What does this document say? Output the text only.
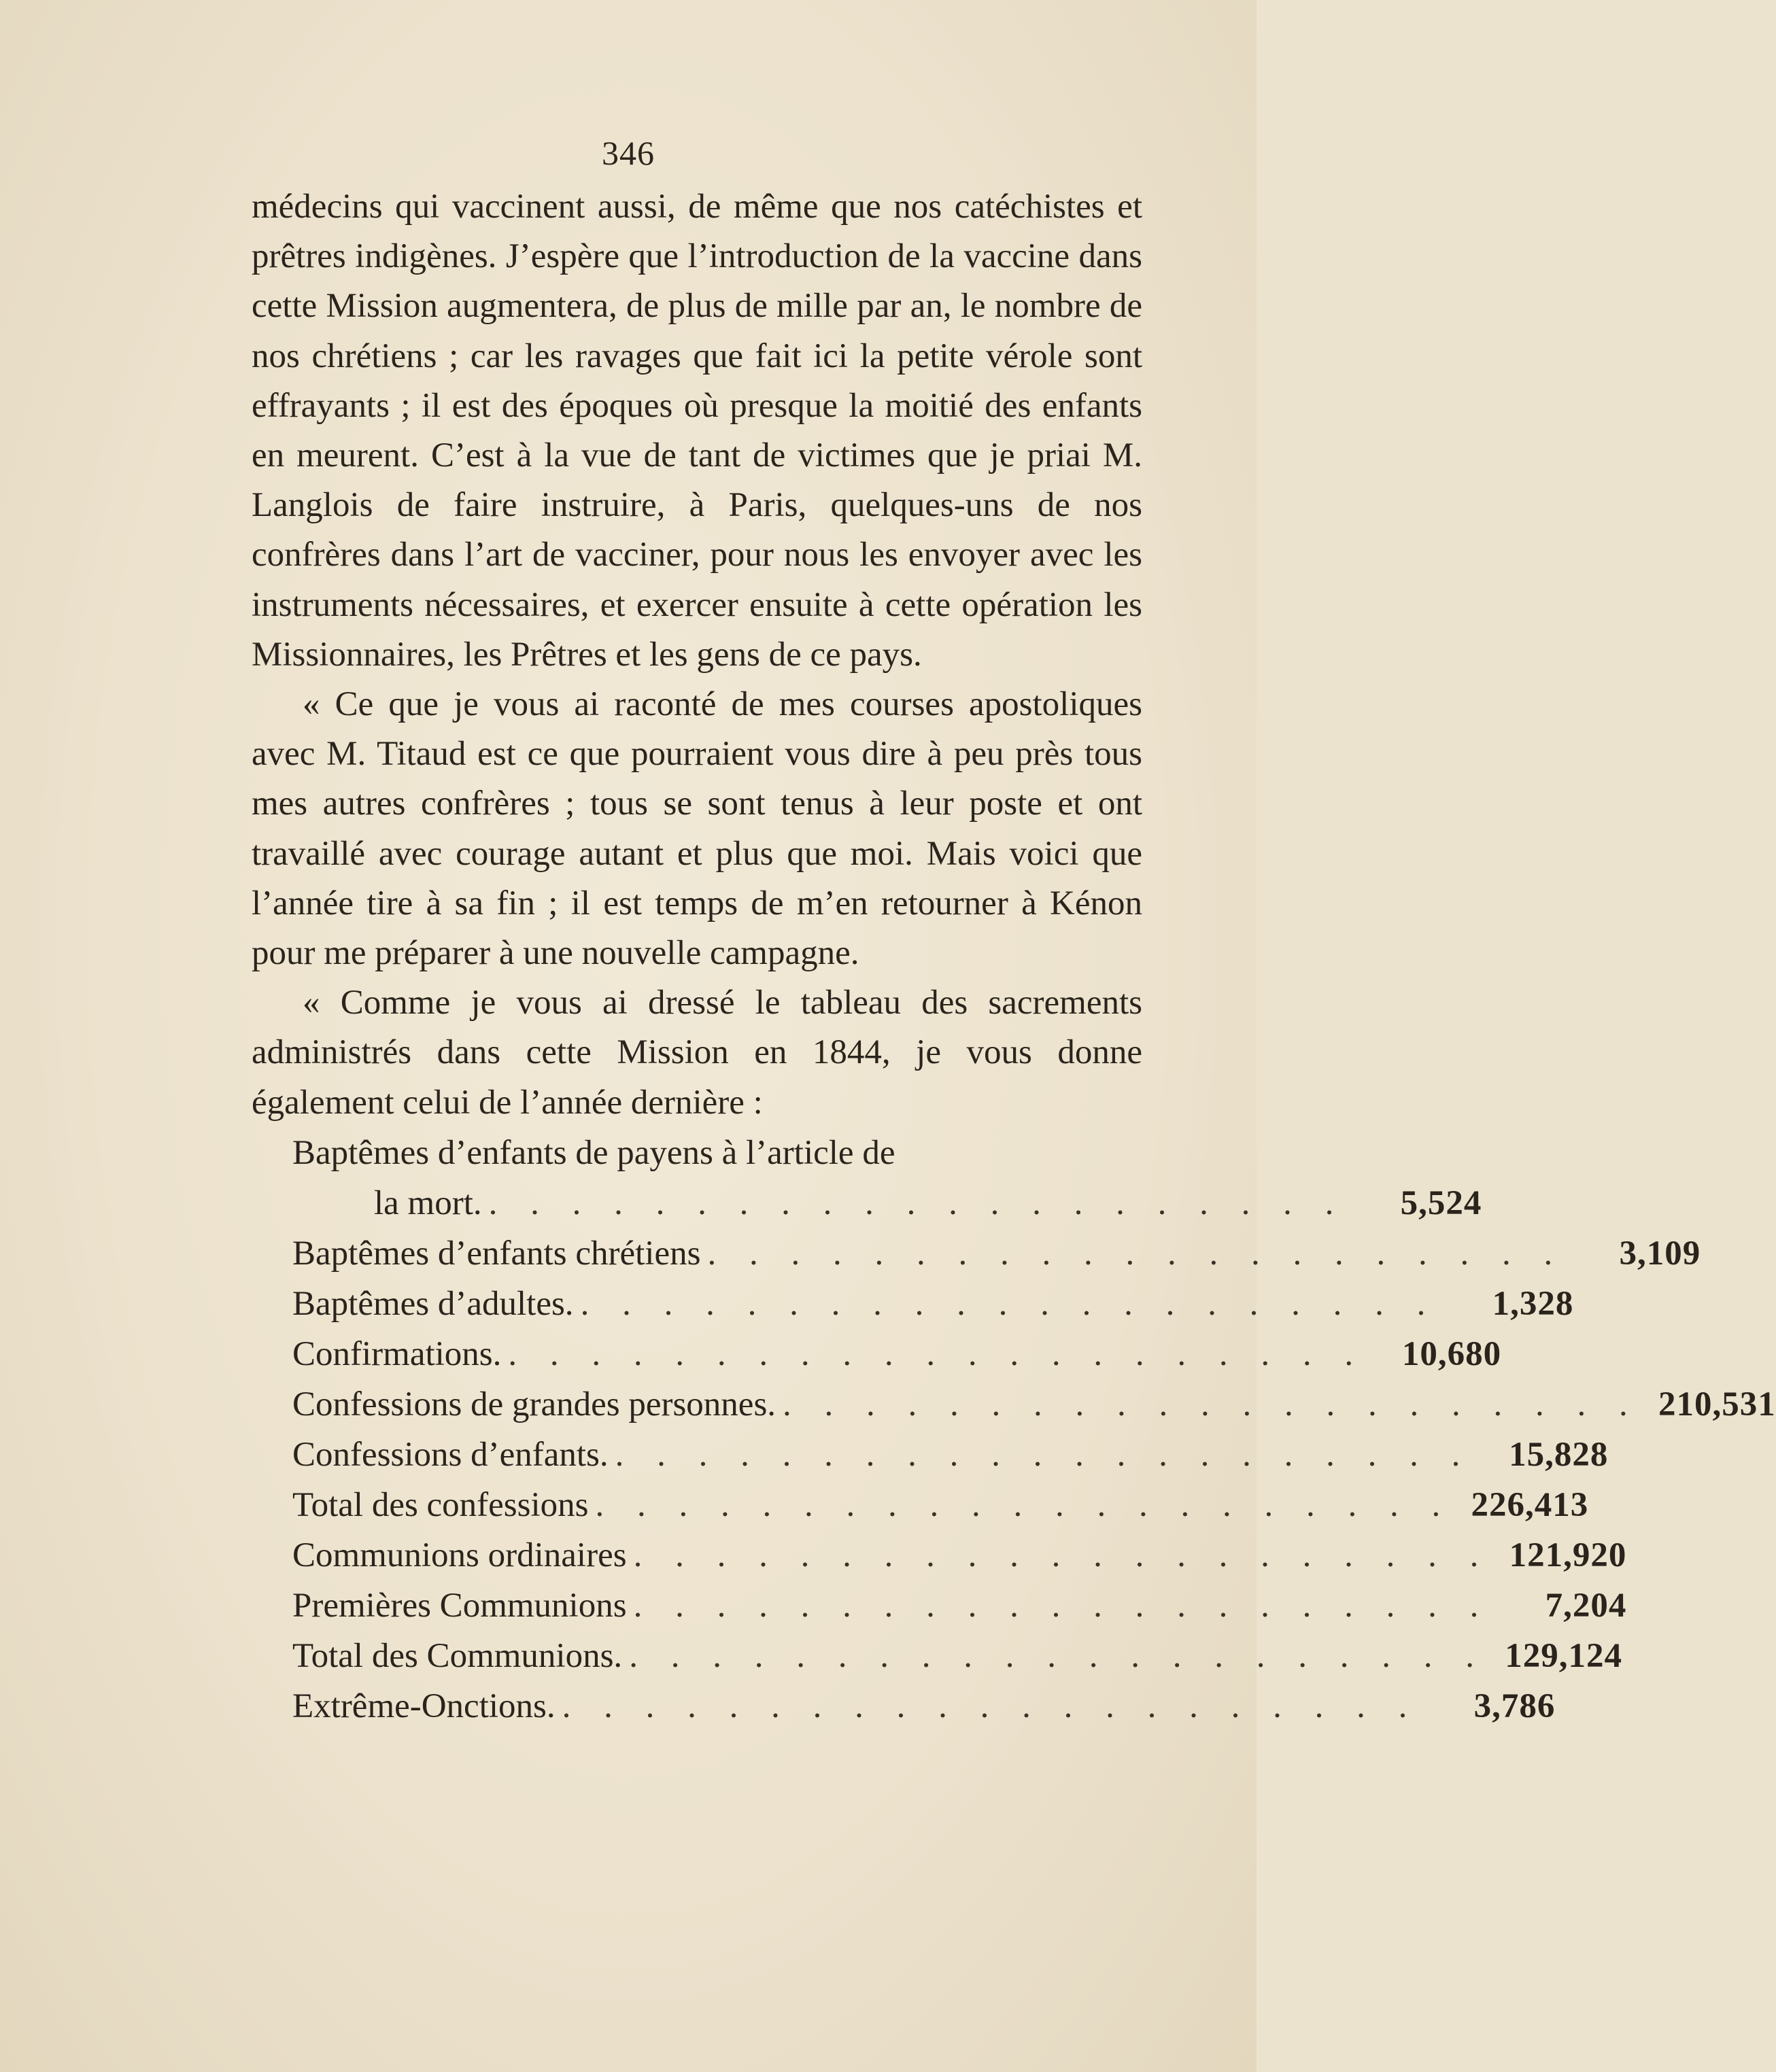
346

médecins qui vaccinent aussi, de même que nos catéchistes et prêtres indigènes. J’espère que l’introduction de la vaccine dans cette Mission augmentera, de plus de mille par an, le nombre de nos chrétiens ; car les ravages que fait ici la petite vérole sont effrayants ; il est des époques où presque la moitié des enfants en meurent. C’est à la vue de tant de victimes que je priai M. Langlois de faire instruire, à Paris, quelques-uns de nos confrères dans l’art de vacciner, pour nous les envoyer avec les instruments nécessaires, et exercer ensuite à cette opération les Missionnaires, les Prêtres et les gens de ce pays.

« Ce que je vous ai raconté de mes courses apostoliques avec M. Titaud est ce que pourraient vous dire à peu près tous mes autres confrères ; tous se sont tenus à leur poste et ont travaillé avec courage autant et plus que moi. Mais voici que l’année tire à sa fin ; il est temps de m’en retourner à Kénon pour me préparer à une nouvelle campagne.

« Comme je vous ai dressé le tableau des sacrements administrés dans cette Mission en 1844, je vous donne également celui de l’année dernière :

Baptêmes d’enfants de payens à l’article de
la mort. . . . . . . . . . . . . . . . . . . . . .	5,524
Baptêmes d’enfants chrétiens . . . . . . . . . . . . . . . . . . . . .	3,109
Baptêmes d’adultes. . . . . . . . . . . . . . . . . . . . . .	1,328
Confirmations. . . . . . . . . . . . . . . . . . . . . .	10,680
Confessions de grandes personnes. . . . . . . . . . . . . . . . . . . . . . 210,531
Confessions d’enfants. . . . . . . . . . . . . . . . . . . . . .	15,828
Total des confessions . . . . . . . . . . . . . . . . . . . . . 226,413
Communions ordinaires . . . . . . . . . . . . . . . . . . . . . 121,920
Premières Communions . . . . . . . . . . . . . . . . . . . . .	7,204
Total des Communions. . . . . . . . . . . . . . . . . . . . . . 129,124
Extrême-Onctions. . . . . . . . . . . . . . . . . . . . . .	3,786
